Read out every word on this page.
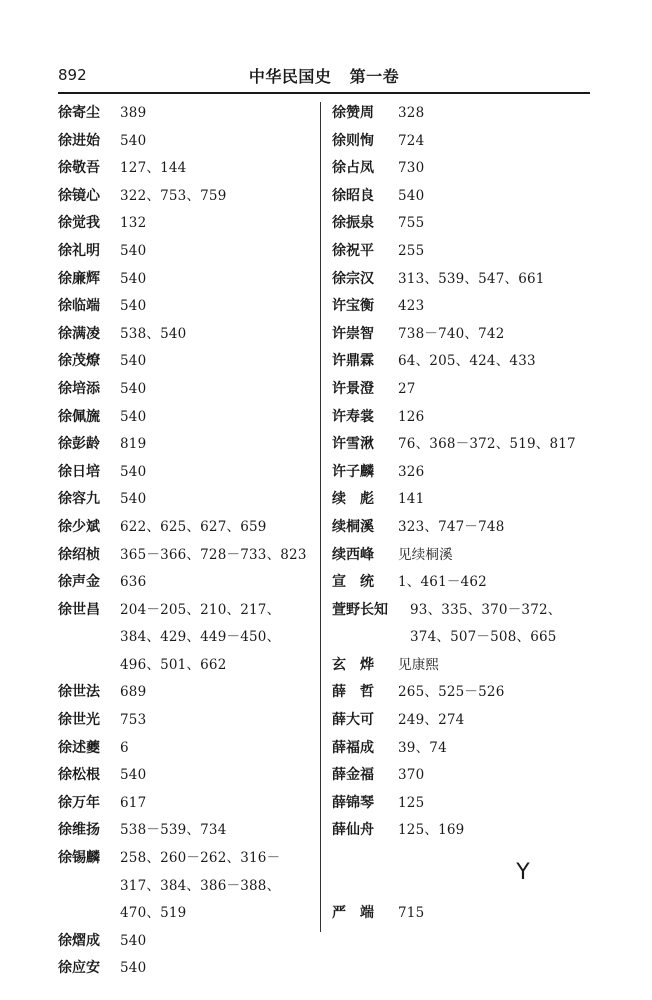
892	中华民国史   第一卷
徐寄尘	389
徐进始	540
徐敬吾	127、144
徐镜心	322、753、759
徐觉我	132
徐礼明	540
徐廉辉	540
徐临端	540
徐满凌	538、540
徐茂燎	540
徐培添	540
徐佩旒	540
徐彭龄	819
徐日培	540
徐容九	540
徐少斌	622、625、627、659
徐绍桢	365－366、728－733、823
徐声金	636
徐世昌	204－205、210、217、384、429、449－450、496、501、662
徐世法	689
徐世光	753
徐述夔	6
徐松根	540
徐万年	617
徐维扬	538－539、734
徐锡麟	258、260－262、316－317、384、386－388、470、519
徐熠成	540
徐应安	540
徐赞周	328
徐则恂	724
徐占凤	730
徐昭良	540
徐振泉	755
徐祝平	255
徐宗汉	313、539、547、661
许宝衡	423
许崇智	738－740、742
许鼎霖	64、205、424、433
许景澄	27
许寿裳	126
许雪湫	76、368－372、519、817
许子麟	326
续　彪	141
续桐溪	323、747－748
续西峰	见续桐溪
宣　统	1、461－462
萱野长知	93、335、370－372、374、507－508、665
玄　烨	见康熙
薛　哲	265、525－526
薛大可	249、274
薛福成	39、74
薛金福	370
薛锦琴	125
薛仙舟	125、169
Y
严　端	715
